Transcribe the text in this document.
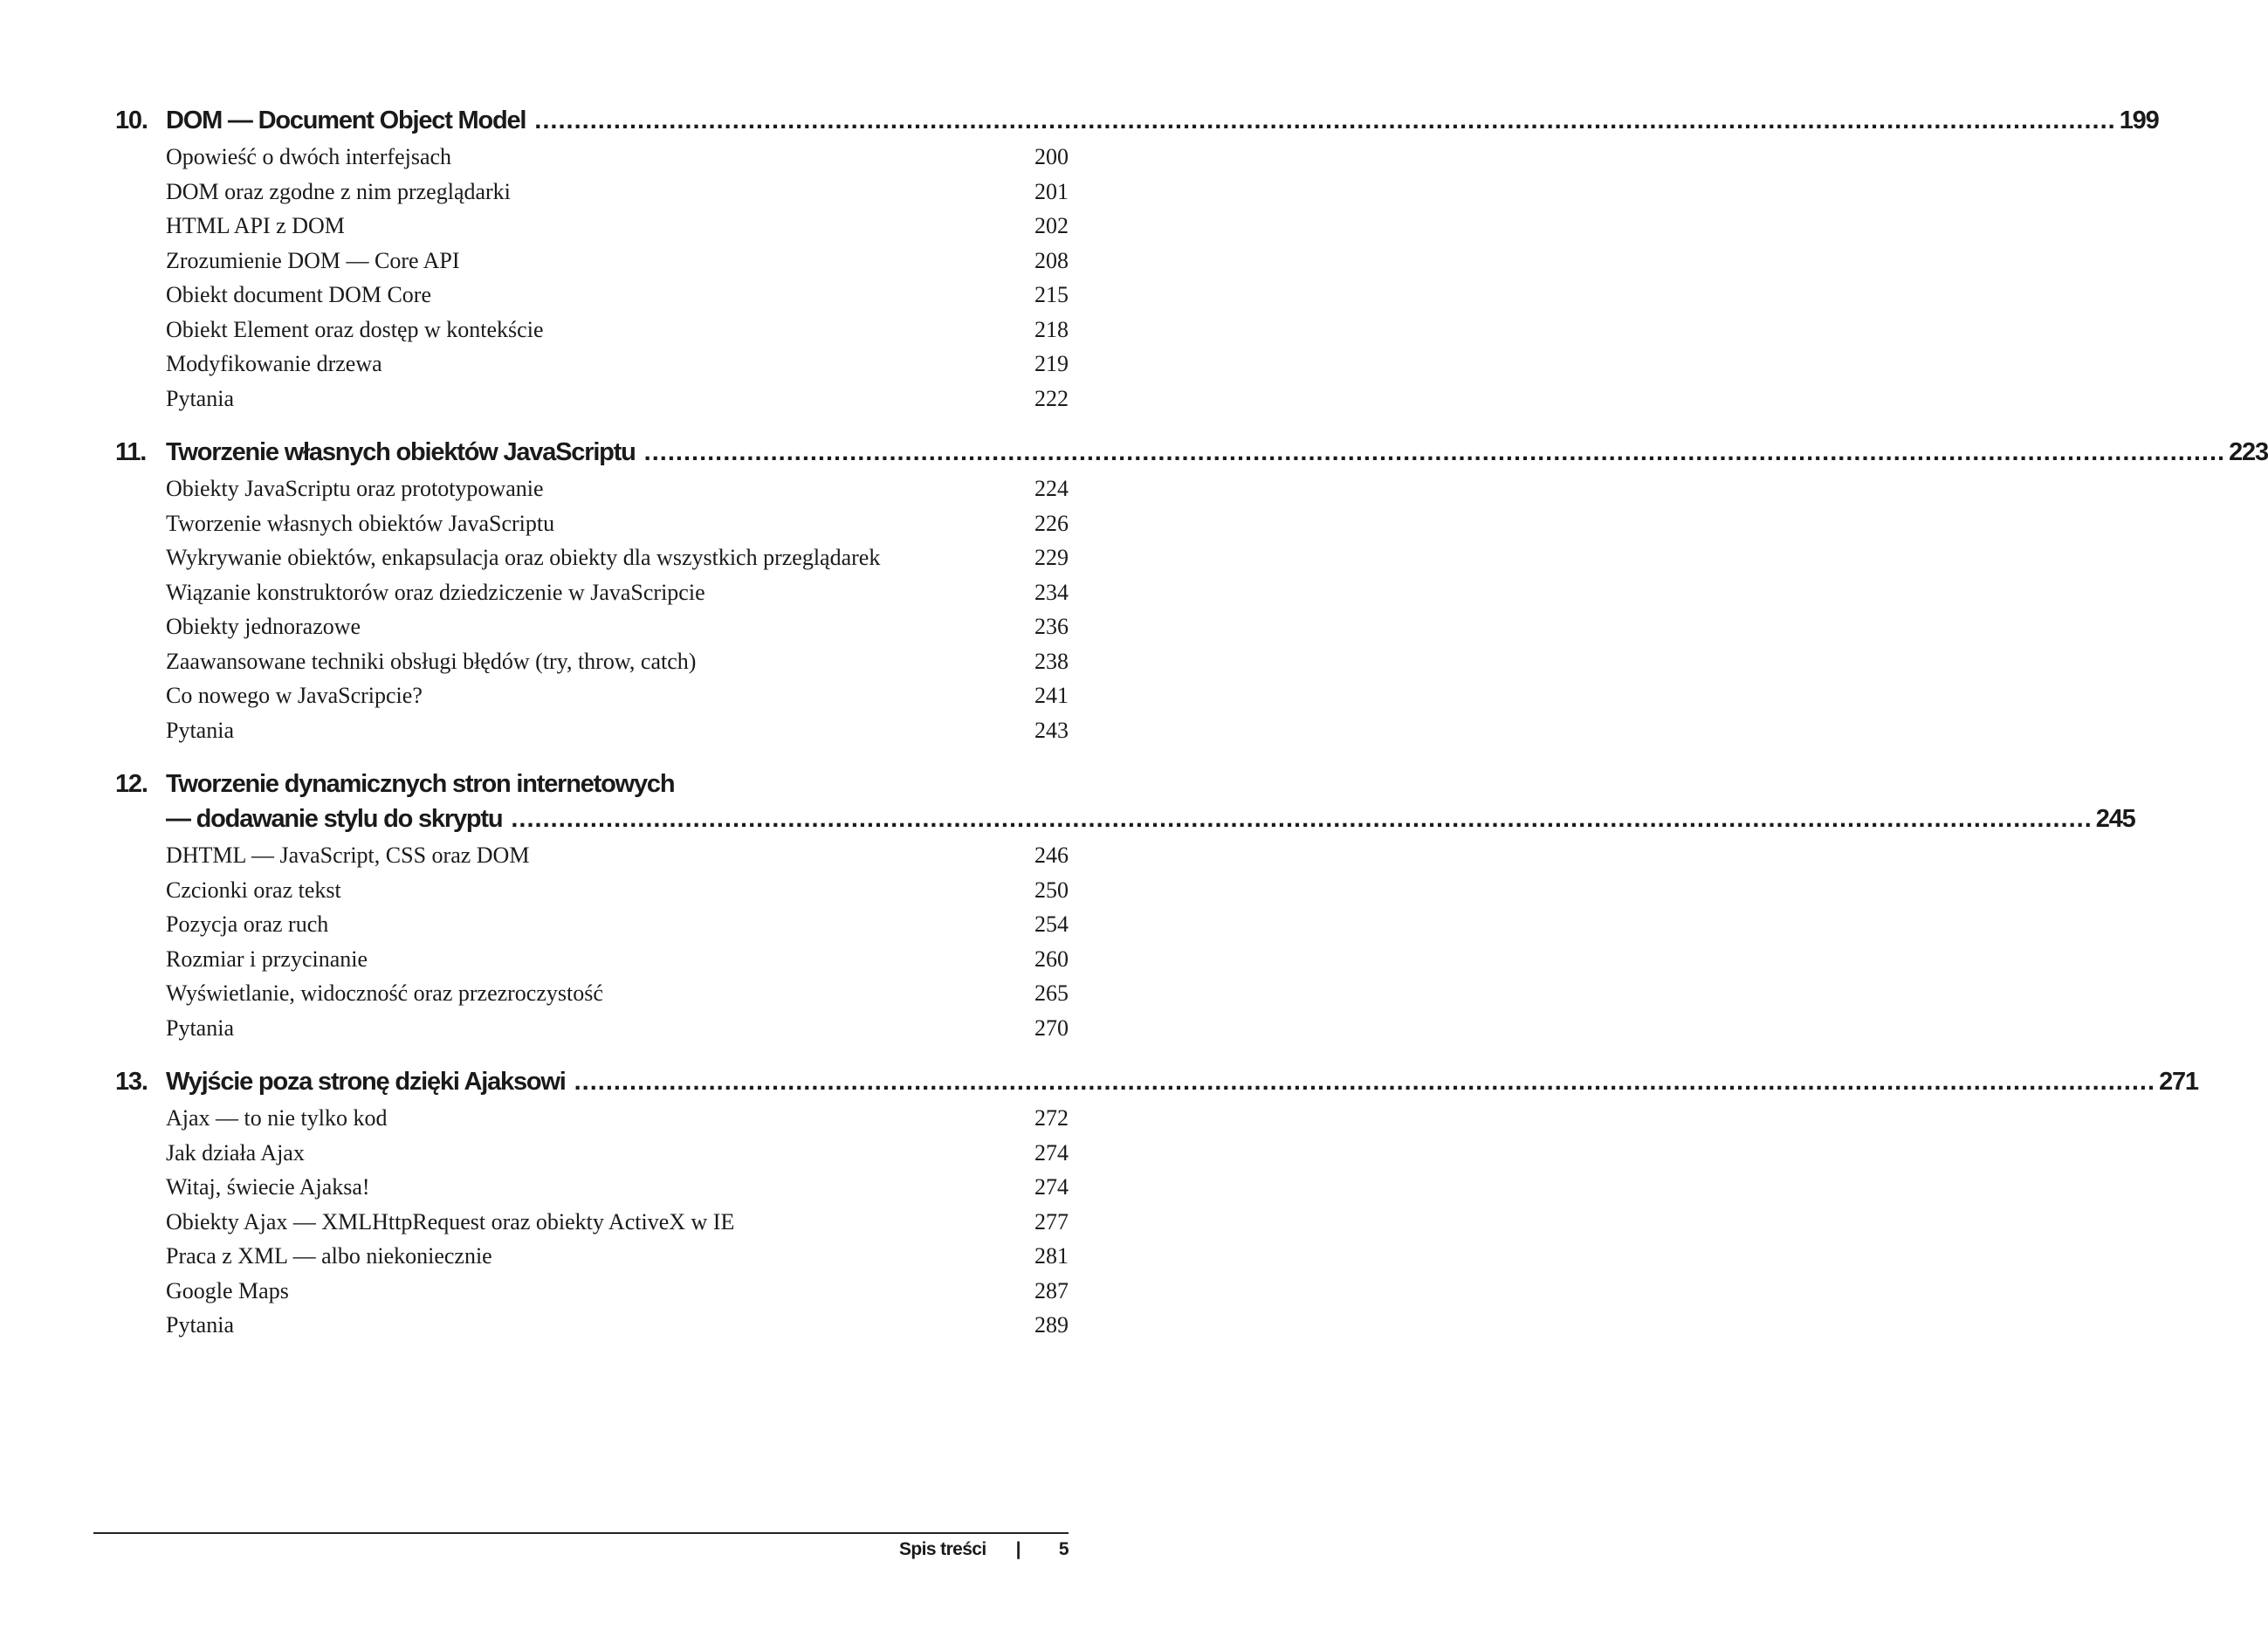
10. DOM — Document Object Model ........................................................................................................................................................................................................ 199
Opowieść o dwóch interfejsach	200
DOM oraz zgodne z nim przeglądarki	201
HTML API z DOM	202
Zrozumienie DOM — Core API	208
Obiekt document DOM Core	215
Obiekt Element oraz dostęp w kontekście	218
Modyfikowanie drzewa	219
Pytania	222
11. Tworzenie własnych obiektów JavaScriptu ........................................................................................................................................................................................................ 223
Obiekty JavaScriptu oraz prototypowanie	224
Tworzenie własnych obiektów JavaScriptu	226
Wykrywanie obiektów, enkapsulacja oraz obiekty dla wszystkich przeglądarek	229
Wiązanie konstruktorów oraz dziedziczenie w JavaScripcie	234
Obiekty jednorazowe	236
Zaawansowane techniki obsługi błędów (try, throw, catch)	238
Co nowego w JavaScripcie?	241
Pytania	243
12. Tworzenie dynamicznych stron internetowych
— dodawanie stylu do skryptu ........................................................................................................................................................................................................ 245
DHTML — JavaScript, CSS oraz DOM	246
Czcionki oraz tekst	250
Pozycja oraz ruch	254
Rozmiar i przycinanie	260
Wyświetlanie, widoczność oraz przezroczystość	265
Pytania	270
13. Wyjście poza stronę dzięki Ajaksowi ........................................................................................................................................................................................................ 271
Ajax — to nie tylko kod	272
Jak działa Ajax	274
Witaj, świecie Ajaksa!	274
Obiekty Ajax — XMLHttpRequest oraz obiekty ActiveX w IE	277
Praca z XML — albo niekoniecznie	281
Google Maps	287
Pytania	289
Spis treści | 5
